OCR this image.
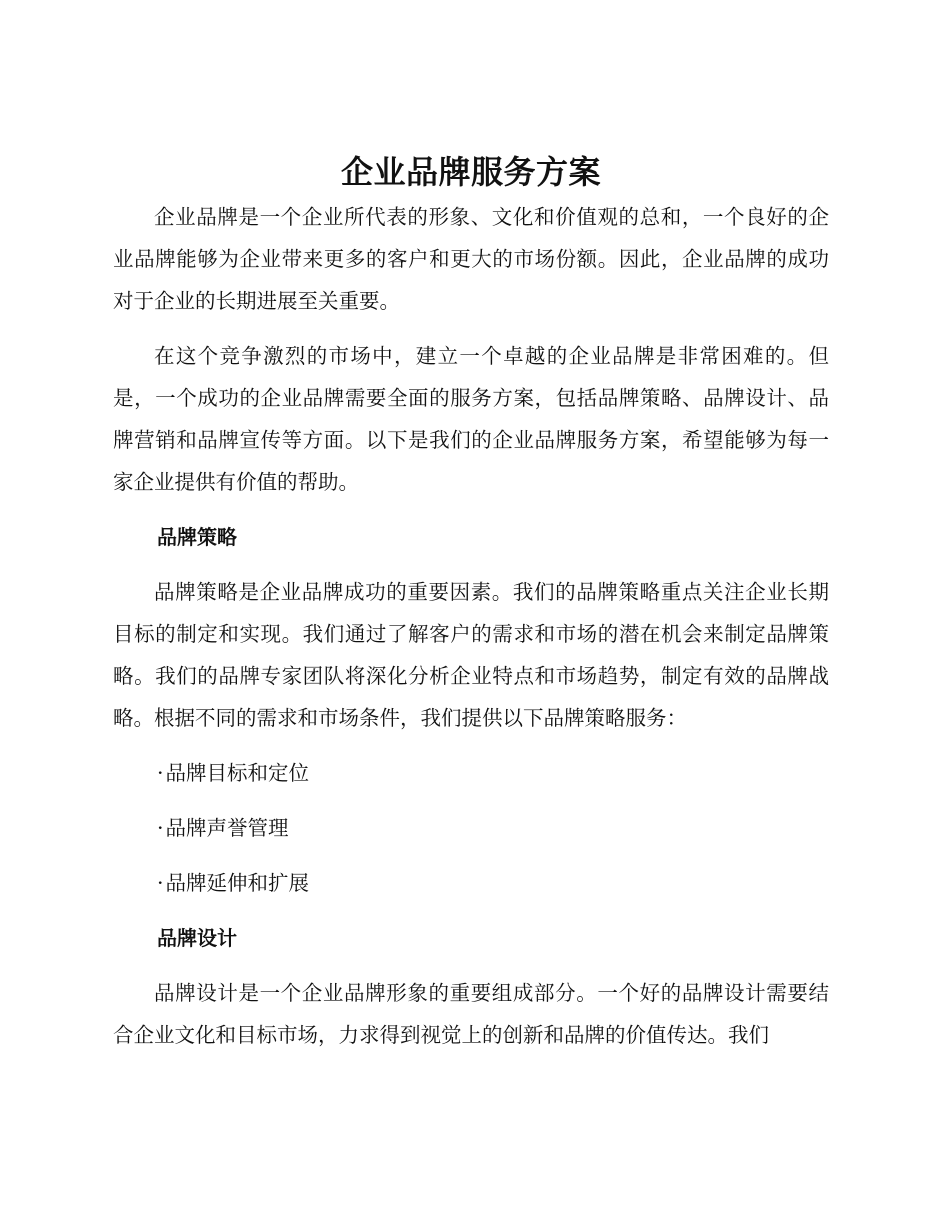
企业品牌服务方案

企业品牌是一个企业所代表的形象、文化和价值观的总和，一个良好的企业品牌能够为企业带来更多的客户和更大的市场份额。因此，企业品牌的成功对于企业的长期进展至关重要。

在这个竞争激烈的市场中，建立一个卓越的企业品牌是非常困难的。但是，一个成功的企业品牌需要全面的服务方案，包括品牌策略、品牌设计、品牌营销和品牌宣传等方面。以下是我们的企业品牌服务方案，希望能够为每一家企业提供有价值的帮助。

品牌策略

品牌策略是企业品牌成功的重要因素。我们的品牌策略重点关注企业长期目标的制定和实现。我们通过了解客户的需求和市场的潜在机会来制定品牌策略。我们的品牌专家团队将深化分析企业特点和市场趋势，制定有效的品牌战略。根据不同的需求和市场条件，我们提供以下品牌策略服务：

·品牌目标和定位
·品牌声誉管理
·品牌延伸和扩展
品牌设计

品牌设计是一个企业品牌形象的重要组成部分。一个好的品牌设计需要结合企业文化和目标市场，力求得到视觉上的创新和品牌的价值传达。我们
